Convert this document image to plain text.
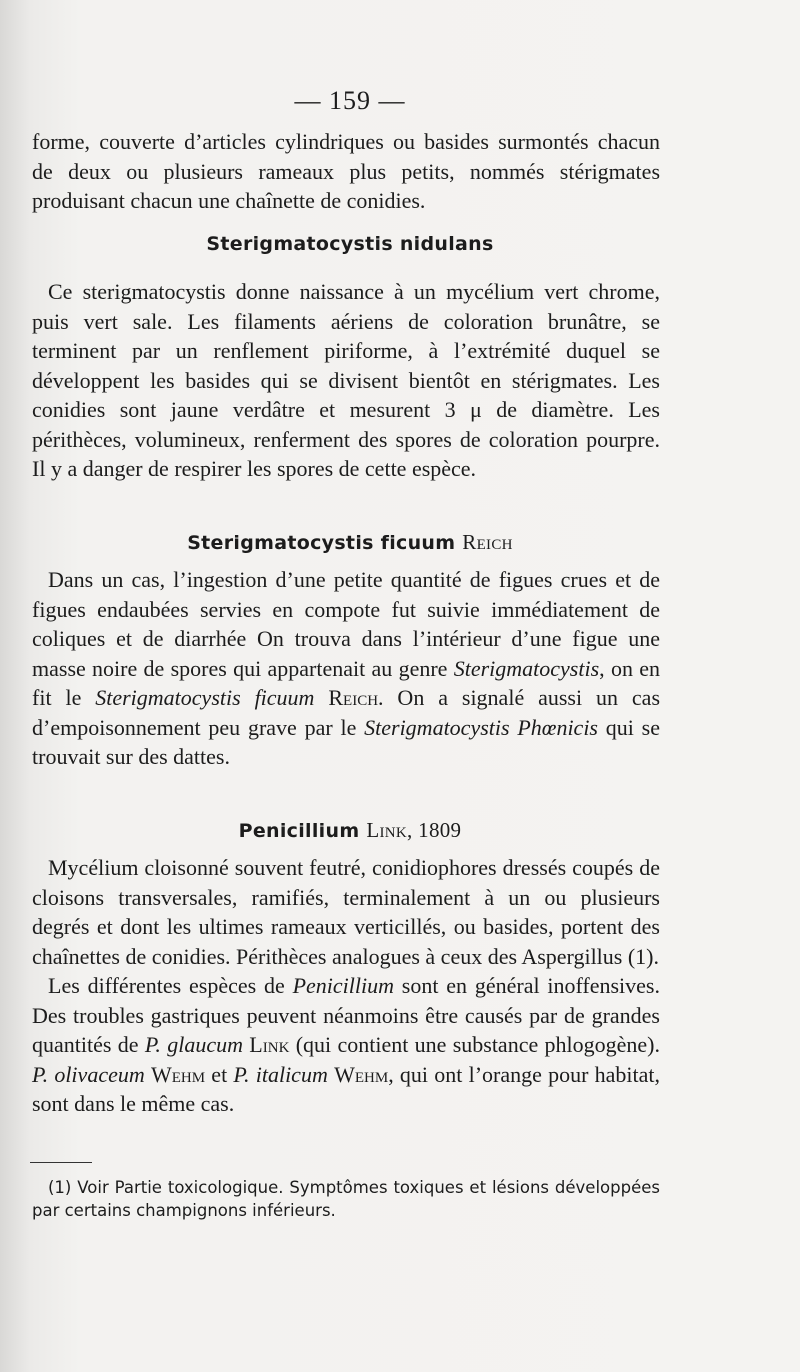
— 159 —

forme, couverte d’articles cylindriques ou basides surmontés chacun de deux ou plusieurs rameaux plus petits, nommés stérigmates produisant chacun une chaînette de conidies.

Sterigmatocystis nidulans

Ce sterigmatocystis donne naissance à un mycélium vert chrome, puis vert sale. Les filaments aériens de coloration brunâtre, se terminent par un renflement piriforme, à l’extrémité duquel se développent les basides qui se divisent bientôt en stérigmates. Les conidies sont jaune verdâtre et mesurent 3 μ de diamètre. Les périthèces, volumineux, renferment des spores de coloration pourpre. Il y a danger de respirer les spores de cette espèce.

Sterigmatocystis ficuum Reich

Dans un cas, l’ingestion d’une petite quantité de figues crues et de figues endaubées servies en compote fut suivie immédiatement de coliques et de diarrhée On trouva dans l’intérieur d’une figue une masse noire de spores qui appartenait au genre Sterigmatocystis, on en fit le Sterigmatocystis ficuum Reich. On a signalé aussi un cas d’empoisonnement peu grave par le Sterigmatocystis Phœnicis qui se trouvait sur des dattes.

Penicillium Link, 1809

Mycélium cloisonné souvent feutré, conidiophores dressés coupés de cloisons transversales, ramifiés, terminalement à un ou plusieurs degrés et dont les ultimes rameaux verticillés, ou basides, portent des chaînettes de conidies. Périthèces analogues à ceux des Aspergillus (1).

Les différentes espèces de Penicillium sont en général inoffensives. Des troubles gastriques peuvent néanmoins être causés par de grandes quantités de P. glaucum Link (qui contient une substance phlogogène). P. olivaceum Wehm et P. italicum Wehm, qui ont l’orange pour habitat, sont dans le même cas.

(1) Voir Partie toxicologique. Symptômes toxiques et lésions développées par certains champignons inférieurs.
